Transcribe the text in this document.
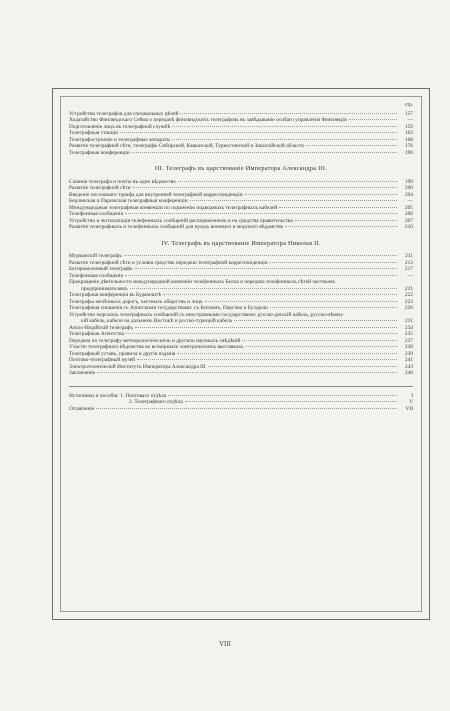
стр.
Устройство телеграфов для специальных цѣлей	157
Ходатайство Финляндскаго Сейма о передачѣ финляндскихъ телеграфовъ въ завѣдываніе особаго управленія Финляндіи	—
Подготовленіе лицъ въ телеграфной службѣ	159
Телеграфныя станціи	163
Телеграфостроеніе и телеграфные аппараты	168
Развитіе телеграфной сѣти, телеграфы Сибирской, Кавказской, Туркестанской и Закаспійской области	176
Телеграфныя конференціи	190
III. Телеграфъ въ царствованіе Императора Александра III.
Слияніе телеграфа и почты въ одно вѣдомство	199
Развитіе телеграфной сѣти	200
Введеніе пословнаго тарифа для внутренней телеграфной корреспонденціи	204
Берлинская и Парижская телеграфныя конференціи	—
Международныя телеграфныя конвенціи по охраненію подводныхъ телеграфныхъ кабелей	205
Телефонныя сообщенія	206
Устройство и эксплоатація телефонныхъ сообщеній распоряженіемъ и на средства правительства	207
Развитіе телеграфныхъ и телефонныхъ сообщеній для нуждъ военнаго и морского вѣдомствъ	210
IV. Телеграфъ въ царствованіе Императора Николая II.
Мурманскій телеграфъ	211
Развитіе телеграфной сѣти и условія средствъ передачи телеграфной корреспонденціи	213
Беспроволочный телеграфъ	217
Телефонныя сообщенія	—
Прекращеніе дѣятельности международной компаніи телефонныхъ Белла и передача телефонныхъ сѣтей частнымъ
предпринимателямъ	221
Телеграфная конференція въ Будапештѣ	222
Телеграфы желѣзныхъ дорогъ, частныхъ обществъ и лицъ	223
Телеграфныя сношенія съ Азіатскими государствами: съ Китаемъ, Персіею и Бухарою	226
Устройство морскихъ телеграфныхъ сообщеній съ иностранными государствами: русско-датскій кабель, русско-нѣмец-
кій кабель, кабели на дальнемъ Востокѣ и русско-турецкій кабель	231
Англо-Индійскій телеграфъ	234
Телеграфныя Агентства	235
Передача по телеграфу метеорологическихъ и другихъ научныхъ свѣдѣній	237
Участіе телеграфнаго вѣдомства во всемірныхъ электрическихъ выставкахъ	238
Телеграфный уставъ, правила и другія изданія	239
Почтово-телеграфный музей	241
Электротехническій Институтъ Императора Александра III	243
Заключеніе	246
Источники и пособія: 1. Почтоваго отдѣла	I
2. Телеграфнаго отдѣла	V
Оглавленіе	VII
VIII
